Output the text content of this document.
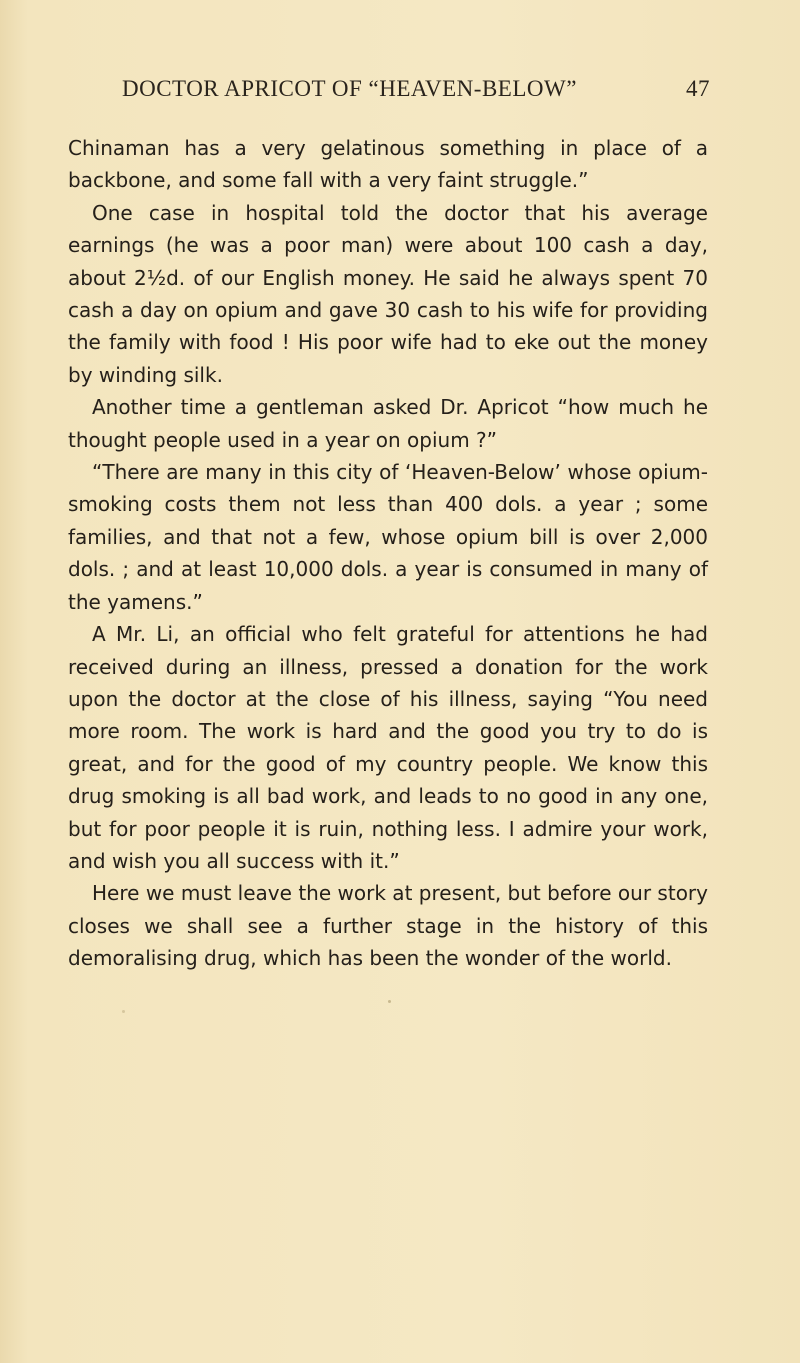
DOCTOR APRICOT OF “HEAVEN-BELOW”	47

Chinaman has a very gelatinous something in place of a backbone, and some fall with a very faint struggle.”

One case in hospital told the doctor that his average earnings (he was a poor man) were about 100 cash a day, about 2½d. of our English money. He said he always spent 70 cash a day on opium and gave 30 cash to his wife for providing the family with food ! His poor wife had to eke out the money by winding silk.

Another time a gentleman asked Dr. Apricot “how much he thought people used in a year on opium ?”

“There are many in this city of ‘Heaven-Below’ whose opium-smoking costs them not less than 400 dols. a year ; some families, and that not a few, whose opium bill is over 2,000 dols. ; and at least 10,000 dols. a year is consumed in many of the yamens.”

A Mr. Li, an official who felt grateful for attentions he had received during an illness, pressed a donation for the work upon the doctor at the close of his illness, saying “You need more room. The work is hard and the good you try to do is great, and for the good of my country people. We know this drug smoking is all bad work, and leads to no good in any one, but for poor people it is ruin, nothing less. I admire your work, and wish you all success with it.”

Here we must leave the work at present, but before our story closes we shall see a further stage in the history of this demoralising drug, which has been the wonder of the world.
